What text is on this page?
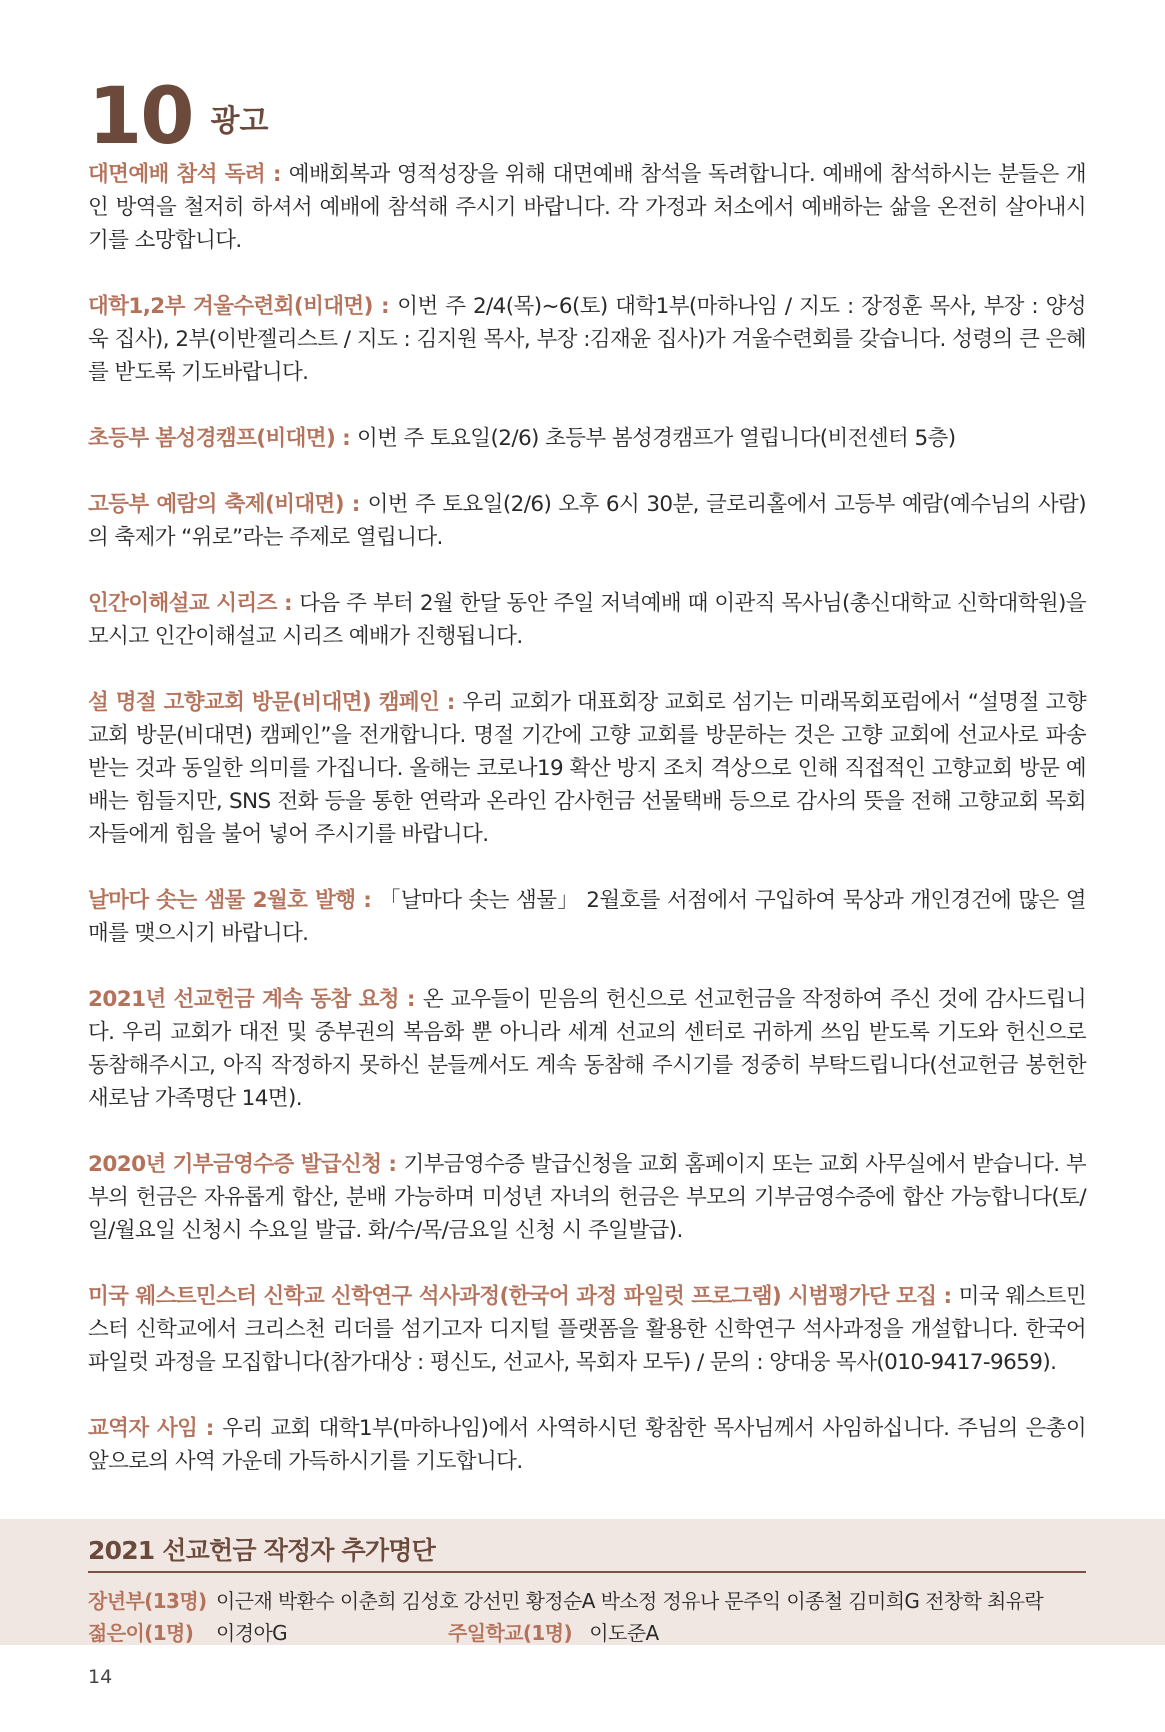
10 광고

대면예배 참석 독려 : 예배회복과 영적성장을 위해 대면예배 참석을 독려합니다. 예배에 참석하시는 분들은 개인 방역을 철저히 하셔서 예배에 참석해 주시기 바랍니다. 각 가정과 처소에서 예배하는 삶을 온전히 살아내시기를 소망합니다.

대학1,2부 겨울수련회(비대면) : 이번 주 2/4(목)~6(토) 대학1부(마하나임 / 지도 : 장정훈 목사, 부장 : 양성욱 집사), 2부(이반젤리스트 / 지도 : 김지원 목사, 부장 :김재윤 집사)가 겨울수련회를 갖습니다. 성령의 큰 은혜를 받도록 기도바랍니다.

초등부 봄성경캠프(비대면) : 이번 주 토요일(2/6) 초등부 봄성경캠프가 열립니다(비전센터 5층)

고등부 예람의 축제(비대면) : 이번 주 토요일(2/6) 오후 6시 30분, 글로리홀에서 고등부 예람(예수님의 사람)의 축제가 “위로”라는 주제로 열립니다.

인간이해설교 시리즈 : 다음 주 부터 2월 한달 동안 주일 저녁예배 때 이관직 목사님(총신대학교 신학대학원)을 모시고 인간이해설교 시리즈 예배가 진행됩니다.

설 명절 고향교회 방문(비대면) 캠페인 : 우리 교회가 대표회장 교회로 섬기는 미래목회포럼에서 “설명절 고향교회 방문(비대면) 캠페인”을 전개합니다. 명절 기간에 고향 교회를 방문하는 것은 고향 교회에 선교사로 파송받는 것과 동일한 의미를 가집니다. 올해는 코로나19 확산 방지 조치 격상으로 인해 직접적인 고향교회 방문 예배는 힘들지만, SNS 전화 등을 통한 연락과 온라인 감사헌금 선물택배 등으로 감사의 뜻을 전해 고향교회 목회자들에게 힘을 불어 넣어 주시기를 바랍니다.

날마다 솟는 샘물 2월호 발행 : 「날마다 솟는 샘물」 2월호를 서점에서 구입하여 묵상과 개인경건에 많은 열매를 맺으시기 바랍니다.

2021년 선교헌금 계속 동참 요청 : 온 교우들이 믿음의 헌신으로 선교헌금을 작정하여 주신 것에 감사드립니다. 우리 교회가 대전 및 중부권의 복음화 뿐 아니라 세계 선교의 센터로 귀하게 쓰임 받도록 기도와 헌신으로 동참해주시고, 아직 작정하지 못하신 분들께서도 계속 동참해 주시기를 정중히 부탁드립니다(선교헌금 봉헌한 새로남 가족명단 14면).

2020년 기부금영수증 발급신청 : 기부금영수증 발급신청을 교회 홈페이지 또는 교회 사무실에서 받습니다. 부부의 헌금은 자유롭게 합산, 분배 가능하며 미성년 자녀의 헌금은 부모의 기부금영수증에 합산 가능합니다(토/일/월요일 신청시 수요일 발급. 화/수/목/금요일 신청 시 주일발급).

미국 웨스트민스터 신학교 신학연구 석사과정(한국어 과정 파일럿 프로그램) 시범평가단 모집 : 미국 웨스트민스터 신학교에서 크리스천 리더를 섬기고자 디지털 플랫폼을 활용한 신학연구 석사과정을 개설합니다. 한국어 파일럿 과정을 모집합니다(참가대상 : 평신도, 선교사, 목회자 모두) / 문의 : 양대웅 목사(010-9417-9659).

교역자 사임 : 우리 교회 대학1부(마하나임)에서 사역하시던 황참한 목사님께서 사임하십니다. 주님의 은총이 앞으로의 사역 가운데 가득하시기를 기도합니다.

2021 선교헌금 작정자 추가명단
장년부(13명) 이근재 박환수 이춘희 김성호 강선민 황정순A 박소정 정유나 문주익 이종철 김미희G 전창학 최유락
젊은이(1명) 이경아G	주일학교(1명) 이도준A
14
